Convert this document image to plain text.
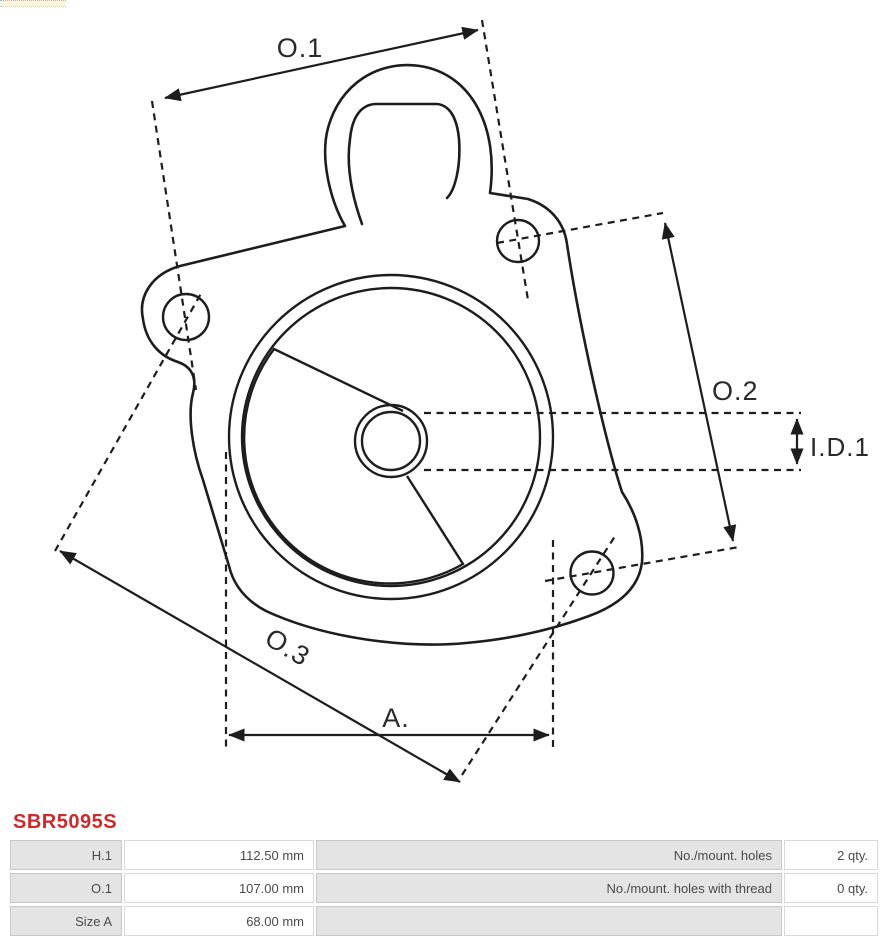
O.1
O.2
I.D.1
O.3
A.
SBR5095S
H.1	112.50 mm	No./mount. holes	2 qty.
O.1	107.00 mm	No./mount. holes with thread	0 qty.
Size A	68.00 mm
